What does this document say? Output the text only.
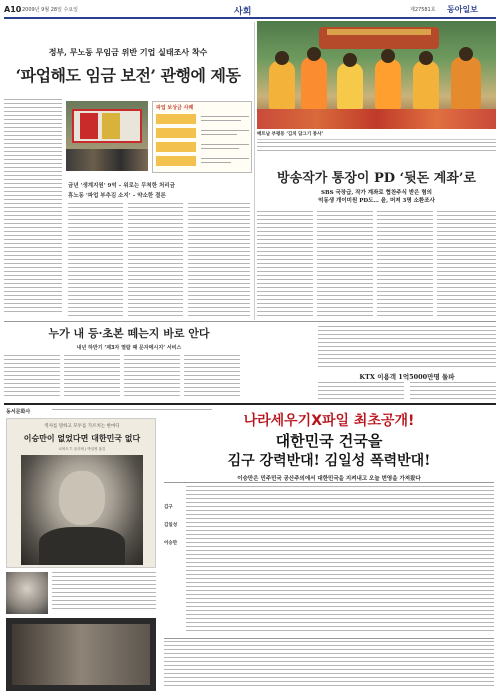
A10 2009년 9월 28일 수요일	사회	제27581호 동아일보
정부, 무노동 무임금 위반 기업 실태조사 착수
‘파업해도 임금 보전’ 관행에 제동
파업 보상금 사례
금년 ‘생계지원’ 9억 – 위로는 무척한 처리금
휴노동 ‘파업 부추김 소지’ – 약소한 결론
베트남 부평동 ‘김치 담그기 봉사’
방송작가 통장이 PD ‘뒷돈 계좌’로
SBS 국장급, 작가 계좌로 협찬주식 받은 혐의
억동생 개이미원 PD도… 윤, 머져 3명 소환조사
누가 내 등·초본 떼는지 바로 안다
내년 하반기 ‘제3자 열람 때 문자메시지’ 서비스
KTX 이용객 1억5000만명 돌파
동서문화사
역사를 말하고 모두를 가르치는 한마디
이승만이 없었다면 대한민국 없다
로버트 T. 올리버 | 박일영 옮김
나라세우기X파일 최초공개!
대한민국 건국을
김구 강력반대! 김일성 폭력반대!
이승만은 민주민국 공산주의에서 대한민국을 지켜내고 오늘 번영을 가져왔다
김구
김일성
이승만
